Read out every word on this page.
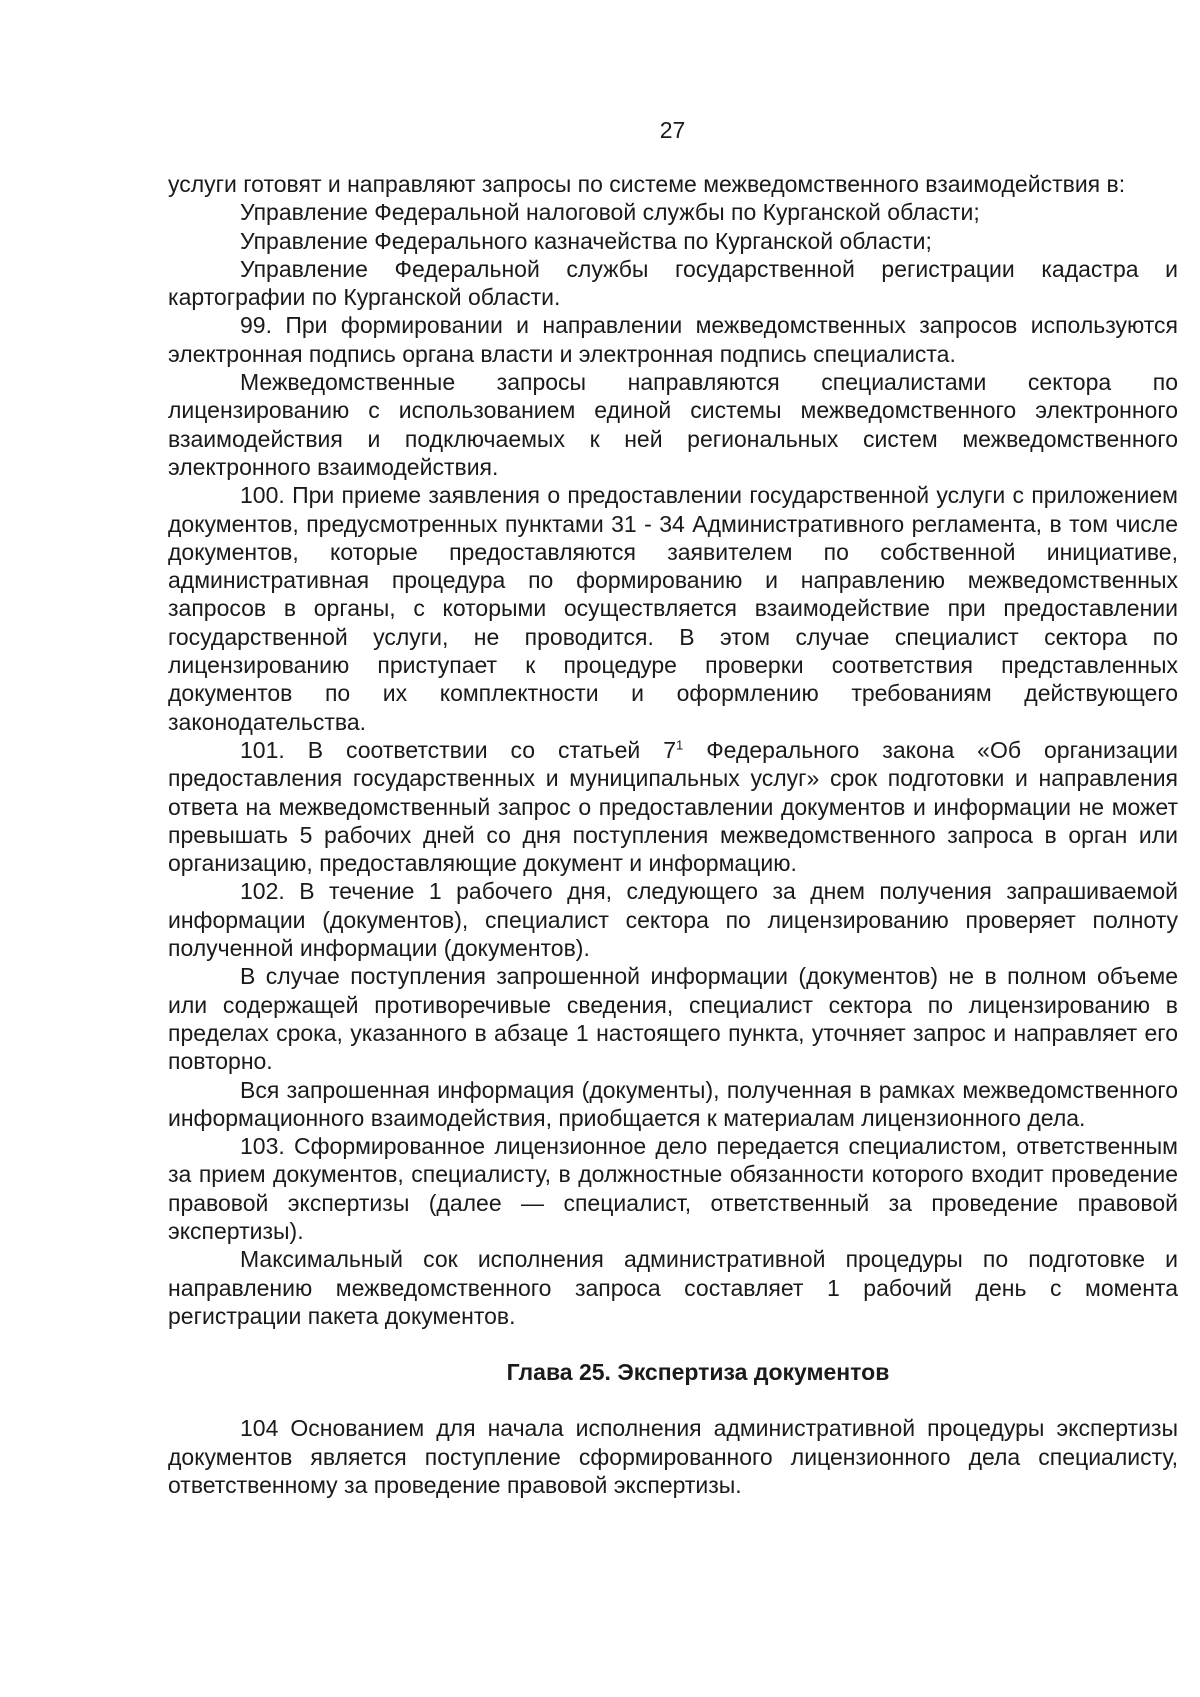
27

услуги готовят и направляют запросы по системе межведомственного взаимодействия в:

Управление Федеральной налоговой службы по Курганской области;

Управление Федерального казначейства по Курганской области;

Управление Федеральной службы государственной регистрации кадастра и картографии по Курганской области.

99. При формировании и направлении межведомственных запросов используются электронная подпись органа власти и электронная подпись специалиста.

Межведомственные запросы направляются специалистами сектора по лицензированию с использованием единой системы межведомственного электронного взаимодействия и подключаемых к ней региональных систем межведомственного электронного взаимодействия.

100. При приеме заявления о предоставлении государственной услуги с приложением документов, предусмотренных пунктами 31 - 34 Административного регламента, в том числе документов, которые предоставляются заявителем по собственной инициативе, административная процедура по формированию и направлению межведомственных запросов в органы, с которыми осуществляется взаимодействие при предоставлении государственной услуги, не проводится. В этом случае специалист сектора по лицензированию приступает к процедуре проверки соответствия представленных документов по их комплектности и оформлению требованиям действующего законодательства.

101. В соответствии со статьей $7^1$ Федерального закона «Об организации предоставления государственных и муниципальных услуг» срок подготовки и направления ответа на межведомственный запрос о предоставлении документов и информации не может превышать 5 рабочих дней со дня поступления межведомственного запроса в орган или организацию, предоставляющие документ и информацию.

102. В течение 1 рабочего дня, следующего за днем получения запрашиваемой информации (документов), специалист сектора по лицензированию проверяет полноту полученной информации (документов).

В случае поступления запрошенной информации (документов) не в полном объеме или содержащей противоречивые сведения, специалист сектора по лицензированию в пределах срока, указанного в абзаце 1 настоящего пункта, уточняет запрос и направляет его повторно.

Вся запрошенная информация (документы), полученная в рамках межведомственного информационного взаимодействия, приобщается к материалам лицензионного дела.

103. Сформированное лицензионное дело передается специалистом, ответственным за прием документов, специалисту, в должностные обязанности которого входит проведение правовой экспертизы (далее — специалист, ответственный за проведение правовой экспертизы).

Максимальный сок исполнения административной процедуры по подготовке и направлению межведомственного запроса составляет 1 рабочий день с момента регистрации пакета документов.

Глава 25. Экспертиза документов

104 Основанием для начала исполнения административной процедуры экспертизы документов является поступление сформированного лицензионного дела специалисту, ответственному за проведение правовой экспертизы.
